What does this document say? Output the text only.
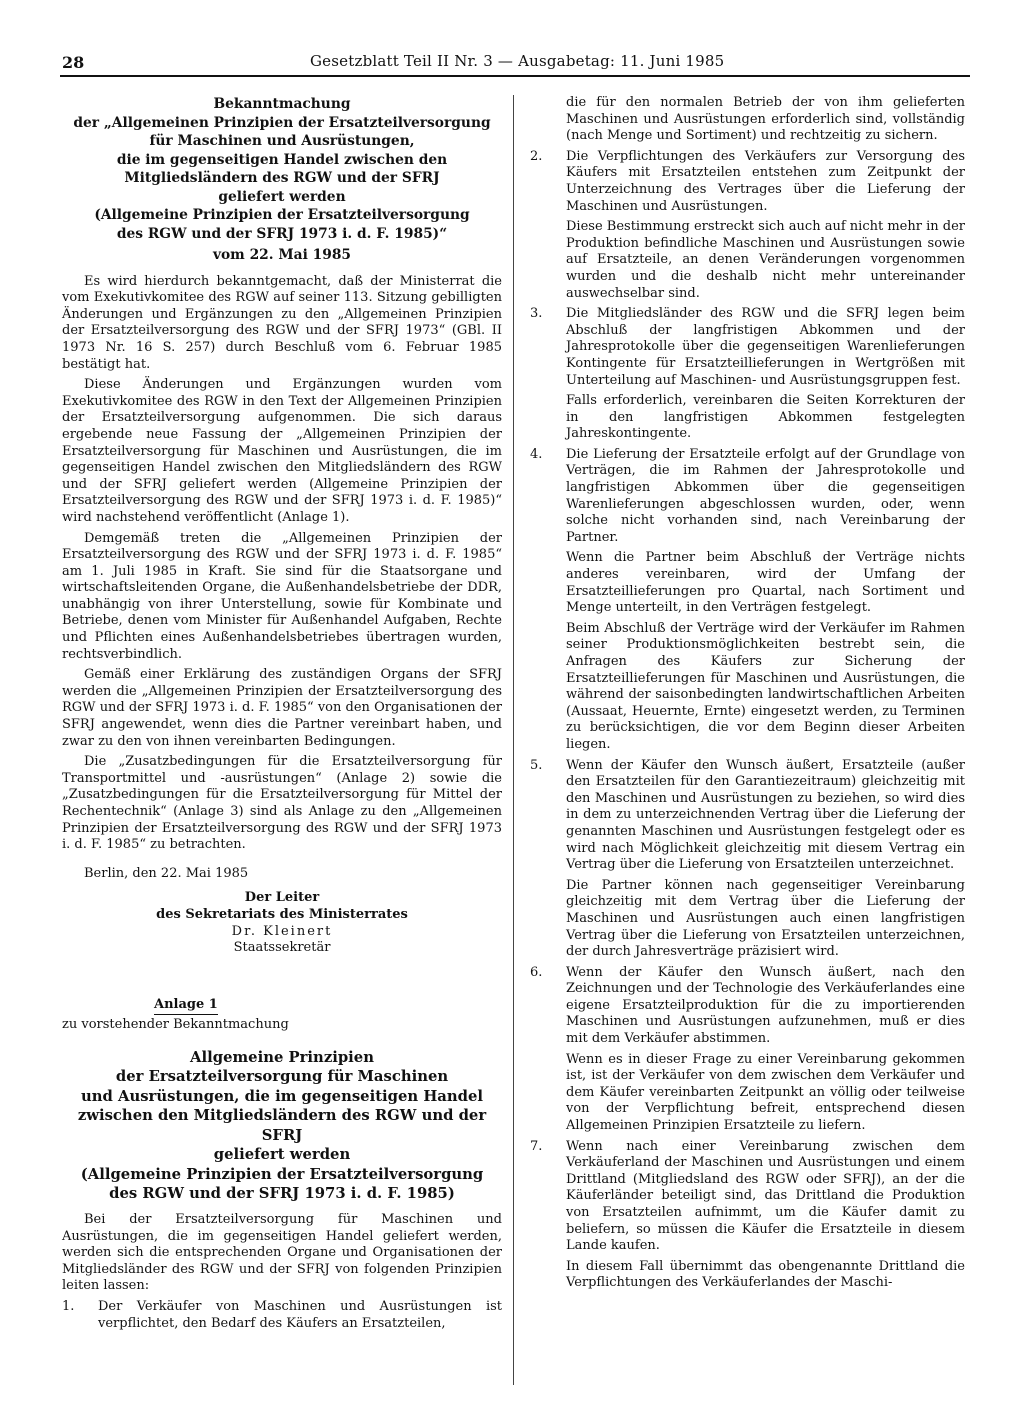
28	Gesetzblatt Teil II Nr. 3 — Ausgabetag: 11. Juni 1985
Bekanntmachung
der „Allgemeinen Prinzipien der Ersatzteilversorgung
für Maschinen und Ausrüstungen,
die im gegenseitigen Handel zwischen den
Mitgliedsländern des RGW und der SFRJ
geliefert werden
(Allgemeine Prinzipien der Ersatzteilversorgung
des RGW und der SFRJ 1973 i. d. F. 1985)“
vom 22. Mai 1985

Es wird hierdurch bekanntgemacht, daß der Ministerrat die vom Exekutivkomitee des RGW auf seiner 113. Sitzung gebilligten Änderungen und Ergänzungen zu den „Allgemeinen Prinzipien der Ersatzteilversorgung des RGW und der SFRJ 1973“ (GBl. II 1973 Nr. 16 S. 257) durch Beschluß vom 6. Februar 1985 bestätigt hat.

Diese Änderungen und Ergänzungen wurden vom Exekutivkomitee des RGW in den Text der Allgemeinen Prinzipien der Ersatzteilversorgung aufgenommen. Die sich daraus ergebende neue Fassung der „Allgemeinen Prinzipien der Ersatzteilversorgung für Maschinen und Ausrüstungen, die im gegenseitigen Handel zwischen den Mitgliedsländern des RGW und der SFRJ geliefert werden (Allgemeine Prinzipien der Ersatzteilversorgung des RGW und der SFRJ 1973 i. d. F. 1985)“ wird nachstehend veröffentlicht (Anlage 1).

Demgemäß treten die „Allgemeinen Prinzipien der Ersatzteilversorgung des RGW und der SFRJ 1973 i. d. F. 1985“ am 1. Juli 1985 in Kraft. Sie sind für die Staatsorgane und wirtschaftsleitenden Organe, die Außenhandelsbetriebe der DDR, unabhängig von ihrer Unterstellung, sowie für Kombinate und Betriebe, denen vom Minister für Außenhandel Aufgaben, Rechte und Pflichten eines Außenhandelsbetriebes übertragen wurden, rechtsverbindlich.

Gemäß einer Erklärung des zuständigen Organs der SFRJ werden die „Allgemeinen Prinzipien der Ersatzteilversorgung des RGW und der SFRJ 1973 i. d. F. 1985“ von den Organisationen der SFRJ angewendet, wenn dies die Partner vereinbart haben, und zwar zu den von ihnen vereinbarten Bedingungen.

Die „Zusatzbedingungen für die Ersatzteilversorgung für Transportmittel und -ausrüstungen“ (Anlage 2) sowie die „Zusatzbedingungen für die Ersatzteilversorgung für Mittel der Rechentechnik“ (Anlage 3) sind als Anlage zu den „Allgemeinen Prinzipien der Ersatzteilversorgung des RGW und der SFRJ 1973 i. d. F. 1985“ zu betrachten.

Berlin, den 22. Mai 1985

Der Leiter
des Sekretariats des Ministerrates
Dr. Kleinert
Staatssekretär
Anlage 1
zu vorstehender Bekanntmachung
Allgemeine Prinzipien
der Ersatzteilversorgung für Maschinen
und Ausrüstungen, die im gegenseitigen Handel
zwischen den Mitgliedsländern des RGW und der SFRJ
geliefert werden
(Allgemeine Prinzipien der Ersatzteilversorgung
des RGW und der SFRJ 1973 i. d. F. 1985)

Bei der Ersatzteilversorgung für Maschinen und Ausrüstungen, die im gegenseitigen Handel geliefert werden, werden sich die entsprechenden Organe und Organisationen der Mitgliedsländer des RGW und der SFRJ von folgenden Prinzipien leiten lassen:

1.	Der Verkäufer von Maschinen und Ausrüstungen ist verpflichtet, den Bedarf des Käufers an Ersatzteilen,

die für den normalen Betrieb der von ihm gelieferten Maschinen und Ausrüstungen erforderlich sind, vollständig (nach Menge und Sortiment) und rechtzeitig zu sichern.

2.	Die Verpflichtungen des Verkäufers zur Versorgung des Käufers mit Ersatzteilen entstehen zum Zeitpunkt der Unterzeichnung des Vertrages über die Lieferung der Maschinen und Ausrüstungen.

Diese Bestimmung erstreckt sich auch auf nicht mehr in der Produktion befindliche Maschinen und Ausrüstungen sowie auf Ersatzteile, an denen Veränderungen vorgenommen wurden und die deshalb nicht mehr untereinander auswechselbar sind.

3.	Die Mitgliedsländer des RGW und die SFRJ legen beim Abschluß der langfristigen Abkommen und der Jahresprotokolle über die gegenseitigen Warenlieferungen Kontingente für Ersatzteillieferungen in Wertgrößen mit Unterteilung auf Maschinen- und Ausrüstungsgruppen fest.

Falls erforderlich, vereinbaren die Seiten Korrekturen der in den langfristigen Abkommen festgelegten Jahreskontingente.

4.	Die Lieferung der Ersatzteile erfolgt auf der Grundlage von Verträgen, die im Rahmen der Jahresprotokolle und langfristigen Abkommen über die gegenseitigen Warenlieferungen abgeschlossen wurden, oder, wenn solche nicht vorhanden sind, nach Vereinbarung der Partner.

Wenn die Partner beim Abschluß der Verträge nichts anderes vereinbaren, wird der Umfang der Ersatzteillieferungen pro Quartal, nach Sortiment und Menge unterteilt, in den Verträgen festgelegt.

Beim Abschluß der Verträge wird der Verkäufer im Rahmen seiner Produktionsmöglichkeiten bestrebt sein, die Anfragen des Käufers zur Sicherung der Ersatzteillieferungen für Maschinen und Ausrüstungen, die während der saisonbedingten landwirtschaftlichen Arbeiten (Aussaat, Heuernte, Ernte) eingesetzt werden, zu Terminen zu berücksichtigen, die vor dem Beginn dieser Arbeiten liegen.

5.	Wenn der Käufer den Wunsch äußert, Ersatzteile (außer den Ersatzteilen für den Garantiezeitraum) gleichzeitig mit den Maschinen und Ausrüstungen zu beziehen, so wird dies in dem zu unterzeichnenden Vertrag über die Lieferung der genannten Maschinen und Ausrüstungen festgelegt oder es wird nach Möglichkeit gleichzeitig mit diesem Vertrag ein Vertrag über die Lieferung von Ersatzteilen unterzeichnet.

Die Partner können nach gegenseitiger Vereinbarung gleichzeitig mit dem Vertrag über die Lieferung der Maschinen und Ausrüstungen auch einen langfristigen Vertrag über die Lieferung von Ersatzteilen unterzeichnen, der durch Jahresverträge präzisiert wird.

6.	Wenn der Käufer den Wunsch äußert, nach den Zeichnungen und der Technologie des Verkäuferlandes eine eigene Ersatzteilproduktion für die zu importierenden Maschinen und Ausrüstungen aufzunehmen, muß er dies mit dem Verkäufer abstimmen.

Wenn es in dieser Frage zu einer Vereinbarung gekommen ist, ist der Verkäufer von dem zwischen dem Verkäufer und dem Käufer vereinbarten Zeitpunkt an völlig oder teilweise von der Verpflichtung befreit, entsprechend diesen Allgemeinen Prinzipien Ersatzteile zu liefern.

7.	Wenn nach einer Vereinbarung zwischen dem Verkäuferland der Maschinen und Ausrüstungen und einem Drittland (Mitgliedsland des RGW oder SFRJ), an der die Käuferländer beteiligt sind, das Drittland die Produktion von Ersatzteilen aufnimmt, um die Käufer damit zu beliefern, so müssen die Käufer die Ersatzteile in diesem Lande kaufen.

In diesem Fall übernimmt das obengenannte Drittland die Verpflichtungen des Verkäuferlandes der Maschi-
